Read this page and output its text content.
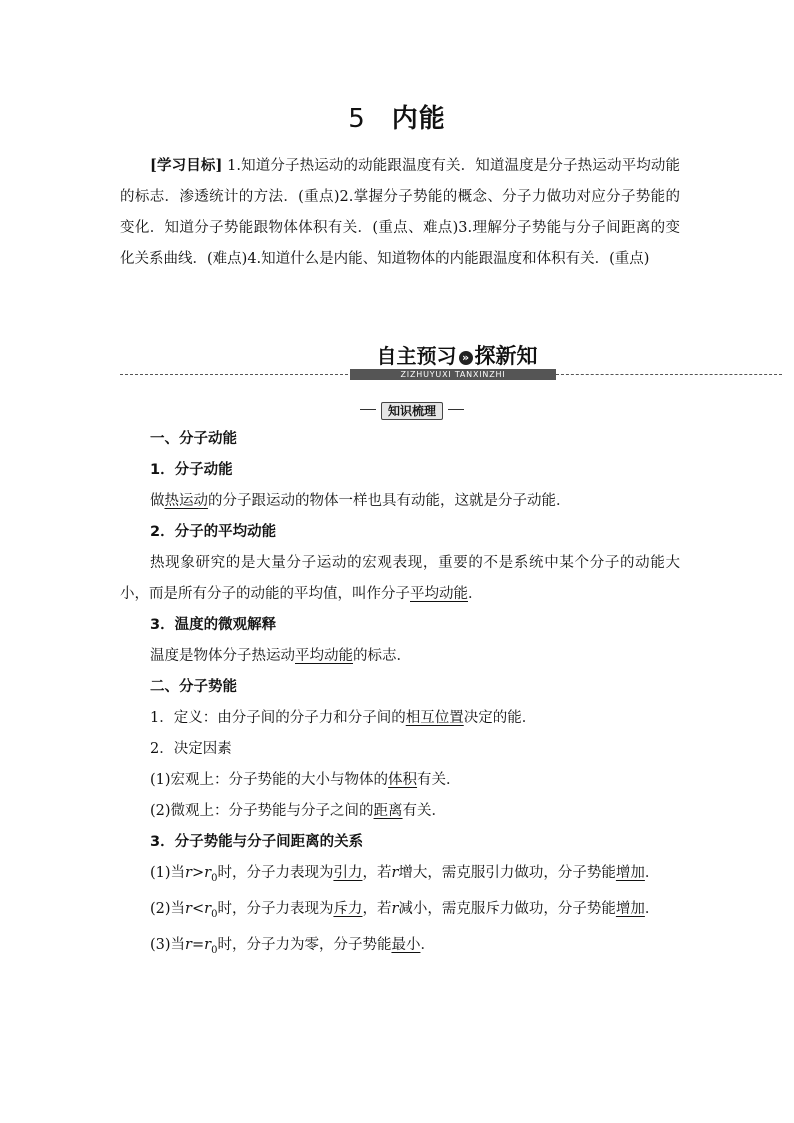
5 内能
[学习目标] 1.知道分子热运动的动能跟温度有关．知道温度是分子热运动平均动能的标志．渗透统计的方法．(重点)2.掌握分子势能的概念、分子力做功对应分子势能的变化．知道分子势能跟物体体积有关．(重点、难点)3.理解分子势能与分子间距离的变化关系曲线．(难点)4.知道什么是内能、知道物体的内能跟温度和体积有关．(重点)
自主预习 » 探新知
ZIZHUYUXI TANXINZHI
知识梳理

一、分子动能

1．分子动能

做热运动的分子跟运动的物体一样也具有动能，这就是分子动能．

2．分子的平均动能

热现象研究的是大量分子运动的宏观表现，重要的不是系统中某个分子的动能大小，而是所有分子的动能的平均值，叫作分子平均动能．

3．温度的微观解释

温度是物体分子热运动平均动能的标志．

二、分子势能

1．定义：由分子间的分子力和分子间的相互位置决定的能．

2．决定因素

(1)宏观上：分子势能的大小与物体的体积有关．

(2)微观上：分子势能与分子之间的距离有关．

3．分子势能与分子间距离的关系

(1)当$r>r_0$时，分子力表现为引力，若r增大，需克服引力做功，分子势能增加．

(2)当$r<r_0$时，分子力表现为斥力，若r减小，需克服斥力做功，分子势能增加．

(3)当$r=r_0$时，分子力为零，分子势能最小．
